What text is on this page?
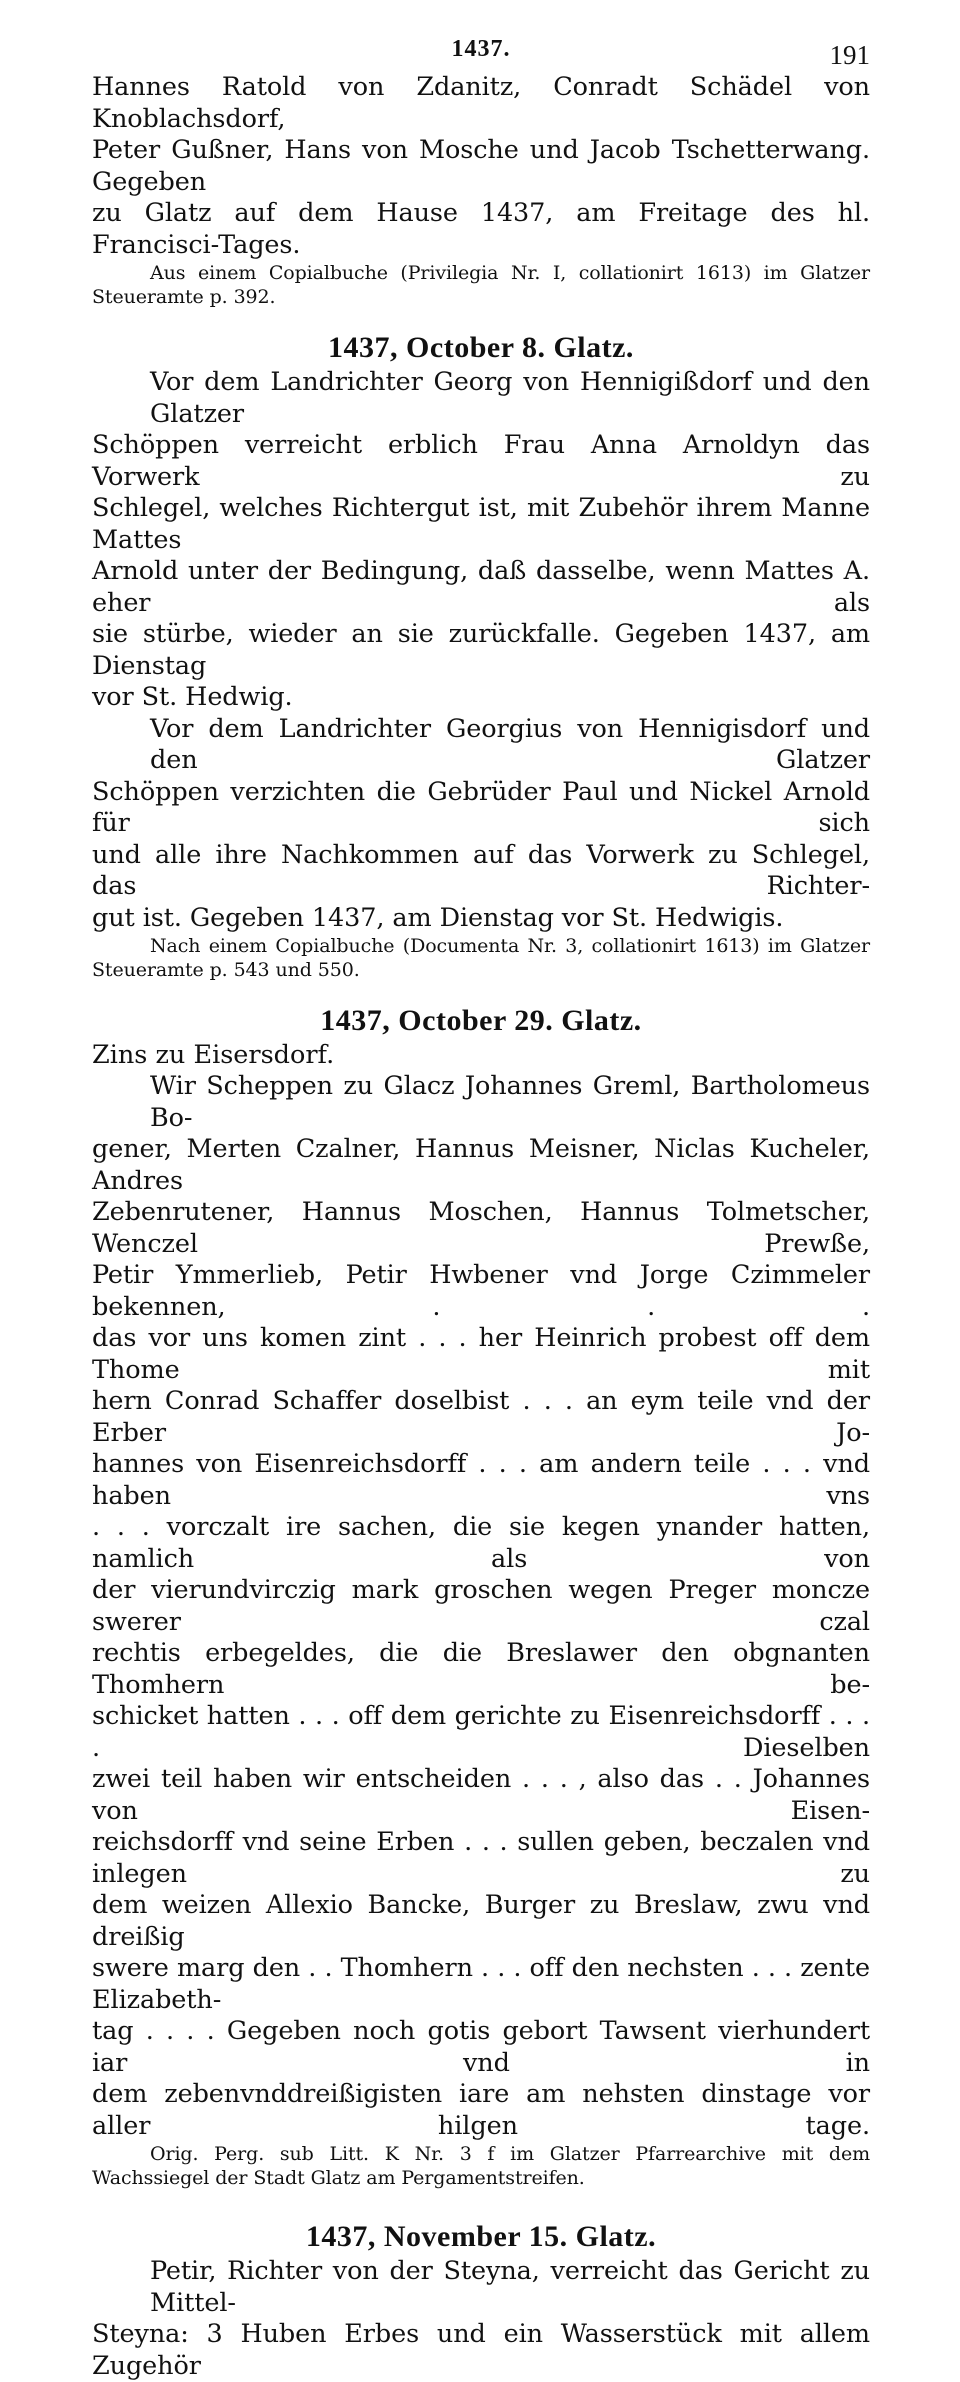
1437.	191
Hannes Ratold von Zdanitz, Conradt Schädel von Knoblachsdorf,
Peter Gußner, Hans von Mosche und Jacob Tschetterwang. Gegeben
zu Glatz auf dem Hause 1437, am Freitage des hl. Francisci-Tages.
Aus einem Copialbuche (Privilegia Nr. I, collationirt 1613) im Glatzer
Steueramte p. 392.
1437, October 8. Glatz.
Vor dem Landrichter Georg von Hennigißdorf und den Glatzer
Schöppen verreicht erblich Frau Anna Arnoldyn das Vorwerk zu
Schlegel, welches Richtergut ist, mit Zubehör ihrem Manne Mattes
Arnold unter der Bedingung, daß dasselbe, wenn Mattes A. eher als
sie stürbe, wieder an sie zurückfalle. Gegeben 1437, am Dienstag
vor St. Hedwig.
Vor dem Landrichter Georgius von Hennigisdorf und den Glatzer
Schöppen verzichten die Gebrüder Paul und Nickel Arnold für sich
und alle ihre Nachkommen auf das Vorwerk zu Schlegel, das Richter-
gut ist. Gegeben 1437, am Dienstag vor St. Hedwigis.
Nach einem Copialbuche (Documenta Nr. 3, collationirt 1613) im Glatzer
Steueramte p. 543 und 550.
1437, October 29. Glatz.
Zins zu Eisersdorf.
Wir Scheppen zu Glacz Johannes Greml, Bartholomeus Bo-
gener, Merten Czalner, Hannus Meisner, Niclas Kucheler, Andres
Zebenrutener, Hannus Moschen, Hannus Tolmetscher, Wenczel Prewße,
Petir Ymmerlieb, Petir Hwbener vnd Jorge Czimmeler bekennen, . . .
das vor uns komen zint . . . her Heinrich probest off dem Thome mit
hern Conrad Schaffer doselbist . . . an eym teile vnd der Erber Jo-
hannes von Eisenreichsdorff . . . am andern teile . . . vnd haben vns
. . . vorczalt ire sachen, die sie kegen ynander hatten, namlich als von
der vierundvirczig mark groschen wegen Preger moncze swerer czal
rechtis erbegeldes, die die Breslawer den obgnanten Thomhern be-
schicket hatten . . . off dem gerichte zu Eisenreichsdorff . . . . Dieselben
zwei teil haben wir entscheiden . . . , also das . . Johannes von Eisen-
reichsdorff vnd seine Erben . . . sullen geben, beczalen vnd inlegen zu
dem weizen Allexio Bancke, Burger zu Breslaw, zwu vnd dreißig
swere marg den . . Thomhern . . . off den nechsten . . . zente Elizabeth-
tag . . . . Gegeben noch gotis gebort Tawsent vierhundert iar vnd in
dem zebenvnddreißigisten iare am nehsten dinstage vor aller hilgen tage.
Orig. Perg. sub Litt. K Nr. 3 f im Glatzer Pfarrearchive mit dem
Wachssiegel der Stadt Glatz am Pergamentstreifen.
1437, November 15. Glatz.
Petir, Richter von der Steyna, verreicht das Gericht zu Mittel-
Steyna: 3 Huben Erbes und ein Wasserstück mit allem Zugehör
